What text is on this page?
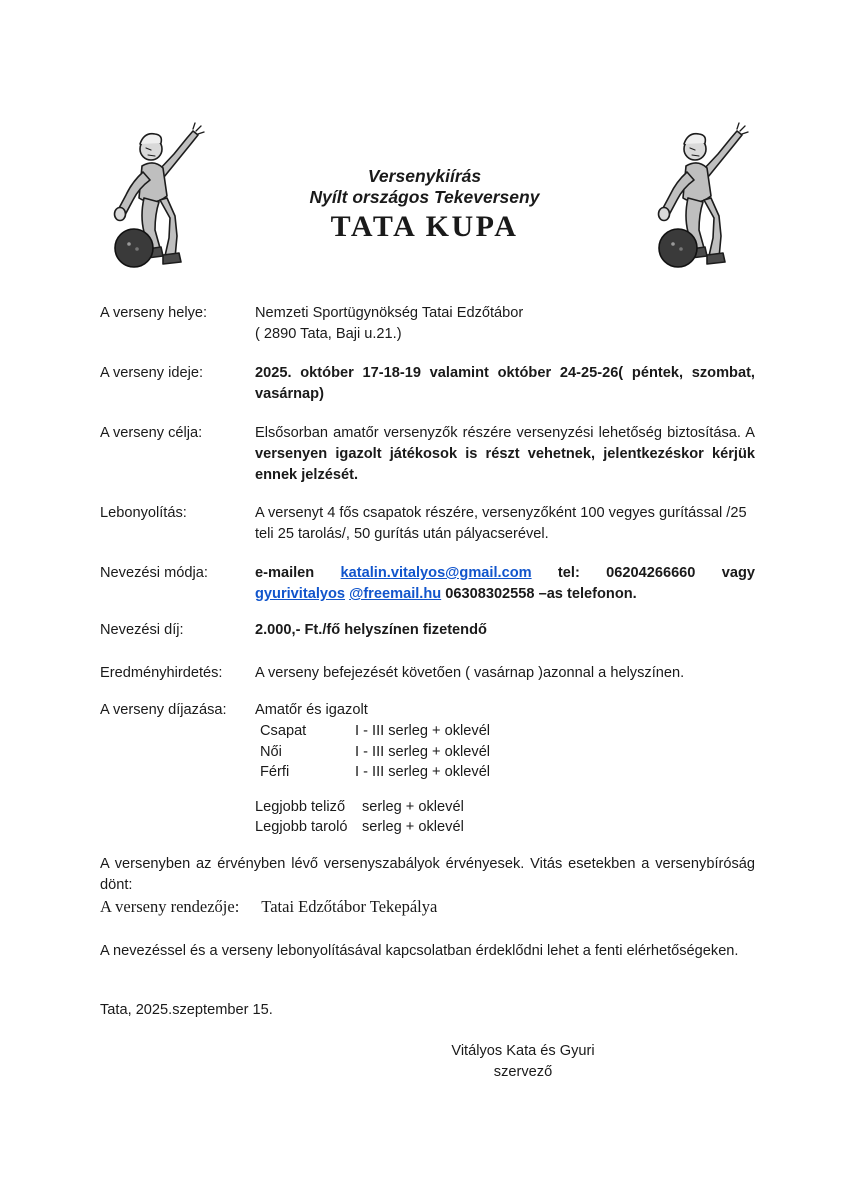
Versenykiírás
Nyílt országos Tekeverseny
TATA KUPA
A verseny helye:	Nemzeti Sportügynökség Tatai Edzőtábor
( 2890 Tata, Baji u.21.)
A verseny ideje:	2025. október 17-18-19 valamint október 24-25-26( péntek, szombat, vasárnap)
A verseny célja:	Elsősorban amatőr versenyzők részére versenyzési lehetőség biztosítása. A versenyen igazolt játékosok is részt vehetnek, jelentkezéskor kérjük ennek jelzését.
Lebonyolítás:	A versenyt 4 fős csapatok részére, versenyzőként 100 vegyes gurítással /25 teli 25 tarolás/, 50 gurítás után pályacserével.
Nevezési módja:	e-mailen katalin.vitalyos@gmail.com tel: 06204266660 vagy gyurivitalyos @freemail.hu 06308302558 –as telefonon.
Nevezési díj:	2.000,- Ft./fő helyszínen fizetendő
Eredményhirdetés:	A verseny befejezését követően ( vasárnap )azonnal a helyszínen.
A verseny díjazása:	Amatőr és igazolt
Csapat	I - III serleg + oklevél
Női	I - III serleg + oklevél
Férfi	I - III serleg + oklevél
Legjobb teliző	serleg + oklevél
Legjobb taroló serleg + oklevél
A versenyben az érvényben lévő versenyszabályok érvényesek. Vitás esetekben a versenybíróság dönt:
A verseny rendezője: Tatai Edzőtábor Tekepálya
A nevezéssel és a verseny lebonyolításával kapcsolatban érdeklődni lehet a fenti elérhetőségeken.
Tata, 2025.szeptember 15.
Vitályos Kata és Gyuri
szervező
